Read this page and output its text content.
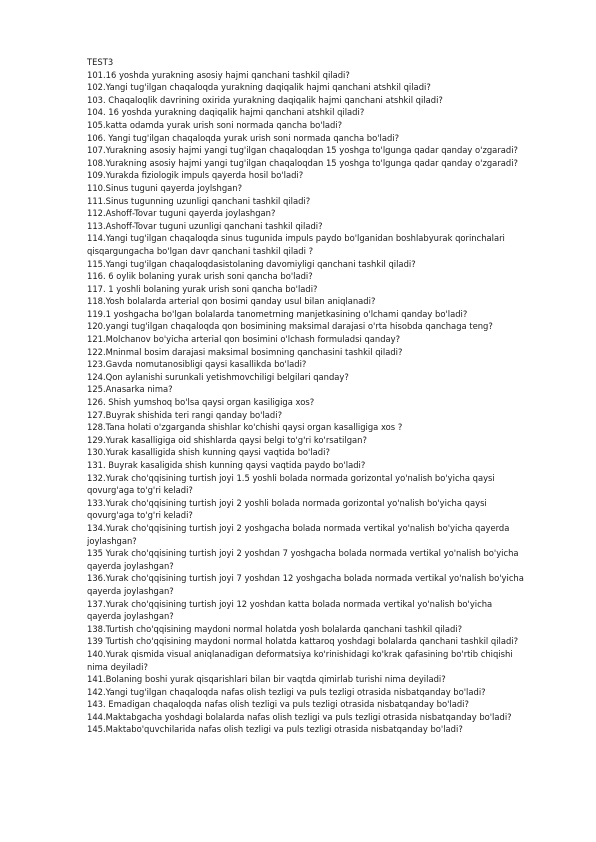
TEST3

101.16 yoshda yurakning asosiy hajmi qanchani tashkil qiladi?

102.Yangi tug'ilgan chaqaloqda yurakning daqiqalik hajmi qanchani atshkil qiladi?

103. Chaqaloqlik davrining oxirida yurakning daqiqalik hajmi qanchani atshkil qiladi?

104. 16 yoshda yurakning daqiqalik hajmi qanchani atshkil qiladi?

105.katta odamda yurak urish soni normada qancha bo'ladi?

106. Yangi tug'ilgan chaqaloqda yurak urish soni normada qancha bo'ladi?

107.Yurakning asosiy hajmi yangi tug'ilgan chaqaloqdan 15 yoshga to'lgunga qadar qanday o'zgaradi?

108.Yurakning asosiy hajmi yangi tug'ilgan chaqaloqdan 15 yoshga to'lgunga qadar qanday o'zgaradi?

109.Yurakda fiziologik impuls qayerda hosil bo'ladi?

110.Sinus tuguni qayerda joylshgan?

111.Sinus tugunning uzunligi qanchani tashkil qiladi?

112.Ashoff-Tovar tuguni qayerda joylashgan?

113.Ashoff-Tovar tuguni uzunligi qanchani tashkil qiladi?

114.Yangi tug'ilgan chaqaloqda sinus tugunida impuls paydo bo'lganidan boshlabyurak qorinchalari

qisqargungacha bo'lgan davr qanchani tashkil qiladi ?

115.Yangi tug'ilgan chaqaloqdasistolaning davomiyligi qanchani tashkil qiladi?

116. 6 oylik bolaning yurak urish soni qancha bo'ladi?

117. 1 yoshli bolaning yurak urish soni qancha bo'ladi?

118.Yosh bolalarda arterial qon bosimi qanday usul bilan aniqlanadi?

119.1 yoshgacha bo'lgan bolalarda tanometrning manjetkasining o'lchami qanday bo'ladi?

120.yangi tug'ilgan chaqaloqda qon bosimining maksimal darajasi o'rta hisobda qanchaga teng?

121.Molchanov bo'yicha arterial qon bosimini o'lchash formuladsi qanday?

122.Mninmal bosim darajasi maksimal bosimning qanchasini tashkil qiladi?

123.Gavda nomutanosibligi qaysi kasallikda bo'ladi?

124.Qon aylanishi surunkali yetishmovchiligi belgilari qanday?

125.Anasarka nima?

126. Shish yumshoq bo'lsa qaysi organ kasiligiga xos?

127.Buyrak shishida teri rangi qanday bo'ladi?

128.Tana holati o'zgarganda shishlar ko'chishi qaysi organ kasalligiga xos ?

129.Yurak kasalligiga oid shishlarda qaysi belgi to'g'ri ko'rsatilgan?

130.Yurak kasalligida shish kunning qaysi vaqtida bo'ladi?

131. Buyrak kasaligida shish kunning qaysi vaqtida paydo bo'ladi?

132.Yurak cho'qqisining turtish joyi 1.5 yoshli bolada normada gorizontal yo'nalish bo'yicha qaysi

qovurg'aga to'g'ri keladi?

133.Yurak cho'qqisining turtish joyi 2 yoshli bolada normada gorizontal yo'nalish bo'yicha qaysi

qovurg'aga to'g'ri keladi?

134.Yurak cho'qqisining turtish joyi 2 yoshgacha bolada normada vertikal yo'nalish bo'yicha qayerda

joylashgan?

135 Yurak cho'qqisining turtish joyi 2 yoshdan 7 yoshgacha bolada normada vertikal yo'nalish bo'yicha

qayerda joylashgan?

136.Yurak cho'qqisining turtish joyi 7 yoshdan 12 yoshgacha bolada normada vertikal yo'nalish bo'yicha

qayerda joylashgan?

137.Yurak cho'qqisining turtish joyi 12 yoshdan katta bolada normada vertikal yo'nalish bo'yicha

qayerda joylashgan?

138.Turtish cho'qqisining maydoni normal holatda yosh bolalarda qanchani tashkil qiladi?

139 Turtish cho'qqisining maydoni normal holatda kattaroq yoshdagi bolalarda qanchani tashkil qiladi?

140.Yurak qismida visual aniqlanadigan deformatsiya ko'rinishidagi ko'krak qafasining bo'rtib chiqishi

nima deyiladi?

141.Bolaning boshi yurak qisqarishlari bilan bir vaqtda qimirlab turishi nima deyiladi?

142.Yangi tug'ilgan chaqaloqda nafas olish tezligi va puls tezligi otrasida nisbatqanday bo'ladi?

143. Emadigan chaqaloqda nafas olish tezligi va puls tezligi otrasida nisbatqanday bo'ladi?

144.Maktabgacha yoshdagi bolalarda nafas olish tezligi va puls tezligi otrasida nisbatqanday bo'ladi?

145.Maktabo'quvchilarida nafas olish tezligi va puls tezligi otrasida nisbatqanday bo'ladi?
